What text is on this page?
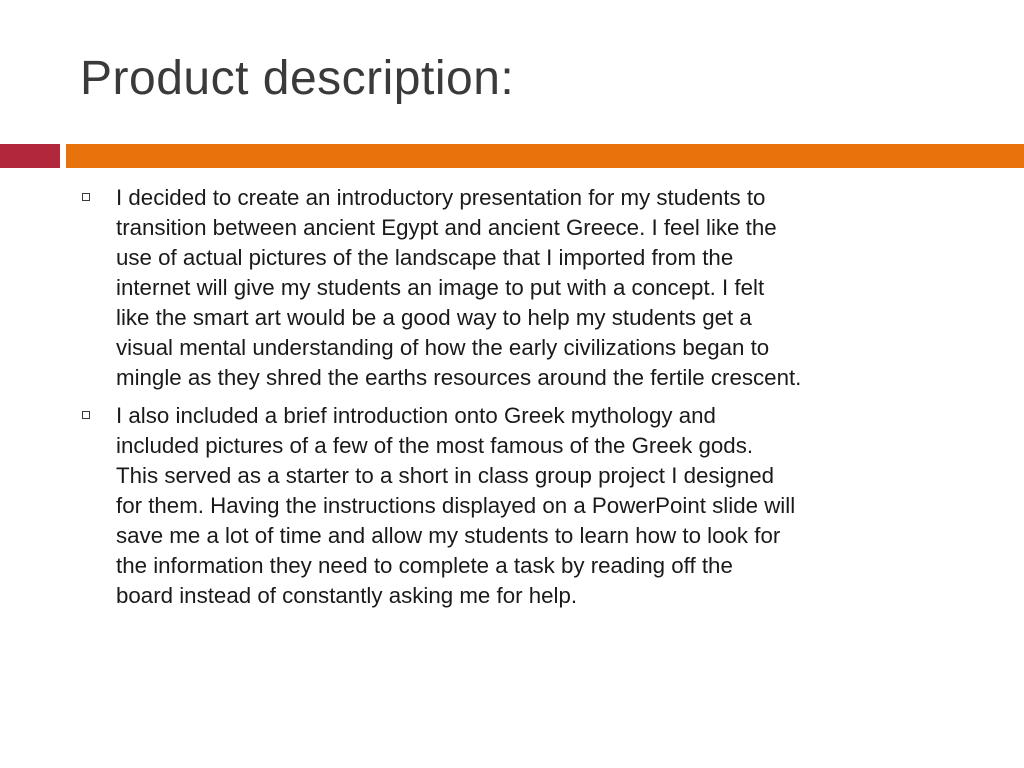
Product description:
I decided to create an introductory presentation for my students to
transition between ancient Egypt and ancient Greece. I feel like the
use of actual pictures of the landscape that I imported from the
internet will give my students an image to put with a concept. I felt
like the smart art would be a good way to help my students get a
visual mental understanding of how the early civilizations began to
mingle as they shred the earths resources around the fertile crescent.
I also included a brief introduction onto Greek mythology and
included pictures of a few of the most famous of the Greek gods.
This served as a starter to a short in class group project I designed
for them. Having the instructions displayed on a PowerPoint slide will
save me a lot of time and allow my students to learn how to look for
the information they need to complete a task by reading off the
board instead of constantly asking me for help.
